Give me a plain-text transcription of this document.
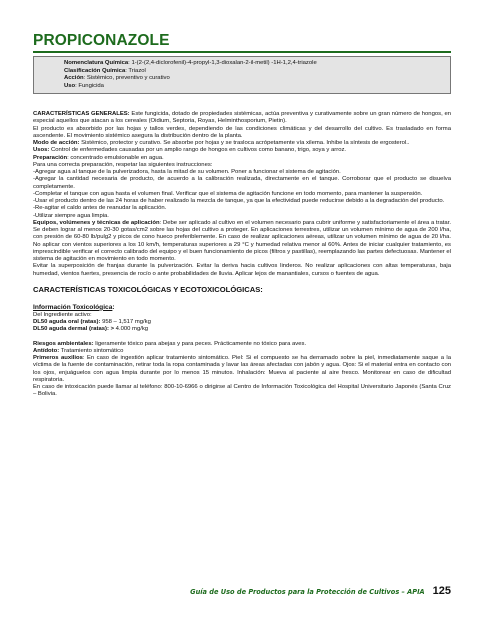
PROPICONAZOLE
Nomenclatura Química: 1-(2-(2,4-diclorofenil)-4-propyl-1,3-dioxalan-2-il-metil) -1H-1,2,4-triazole
Clasificación Química: Triazol
Acción: Sistémico, preventivo y curativo
Uso: Fungicida

CARACTERÍSTICAS GENERALES: Este fungicida, dotado de propiedades sistémicas, actúa preventiva y curativamente sobre un gran número de hongos, en especial aquellos que atacan a los cereales (Oidium, Septoria, Royas, Helminthosporium, Pietin).

El producto es absorbido por las hojas y tallos verdes, dependiendo de las condiciones climáticas y del desarrollo del cultivo. Es trasladado en forma ascendente. El movimiento sistémico asegura la distribución dentro de la planta.

Modo de acción: Sistémico, protector y curativo. Se absorbe por hojas y se trasloca acrópetamente vía xilema. Inhibe la síntesis de ergosterol..

Usos: Control de enfermedades causadas por un amplio rango de hongos en cultivos como banano, trigo, soya y arroz.

Preparación: concentrado emulsionable en agua.

Para una correcta preparación, respetar las siguientes instrucciones:

-Agregar agua al tanque de la pulverizadora, hasta la mitad de su volumen. Poner a funcionar el sistema de agitación.

-Agregar la cantidad necesaria de producto, de acuerdo a la calibración realizada, directamente en el tanque. Corroborar que el producto se disuelva completamente.

-Completar el tanque con agua hasta el volumen final. Verificar que el sistema de agitación funcione en todo momento, para mantener la suspensión.

-Usar el producto dentro de las 24 horas de haber realizado la mezcla de tanque, ya que la efectividad puede reducirse debido a la degradación del producto.

-Re-agitar el caldo antes de reanudar la aplicación.

-Utilizar siempre agua limpia.

Equipos, volúmenes y técnicas de aplicación: Debe ser aplicado al cultivo en el volumen necesario para cubrir uniforme y satisfactoriamente el área a tratar. Se deben lograr al menos 20-30 gotas/cm2 sobre las hojas del cultivo a proteger. En aplicaciones terrestres, utilizar un volumen mínimo de agua de 200 l/ha, con presión de 60-80 lb/pulg2 y picos de cono hueco preferiblemente. En caso de realizar aplicaciones aéreas, utilizar un volumen mínimo de agua de 20 l/ha. No aplicar con vientos superiores a los 10 km/h, temperaturas superiores a 29 °C y humedad relativa menor al 60%. Antes de iniciar cualquier tratamiento, es imprescindible verificar el correcto calibrado del equipo y el buen funcionamiento de picos (filtros y pastillas), reemplazando las partes defectuosas. Mantener el sistema de agitación en movimiento en todo momento.

Evitar la superposición de franjas durante la pulverización. Evitar la deriva hacia cultivos linderos. No realizar aplicaciones con altas temperaturas, baja humedad, vientos fuertes, presencia de rocío o ante probabilidades de lluvia. Aplicar lejos de manantiales, cursos o fuentes de agua.

CARACTERÍSTICAS TOXICOLÓGICAS Y ECOTOXICOLÓGICAS:

Información Toxicológica:

Del Ingrediente activo:

DL50 aguda oral (ratas): 958 – 1,517 mg/kg

DL50 aguda dermal (ratas): > 4.000 mg/kg

Riesgos ambientales: ligeramente tóxico para abejas y para peces. Prácticamente no tóxico para aves.

Antídoto: Tratamiento sintomático

Primeros auxilios: En caso de ingestión aplicar tratamiento sintomático. Piel: Si el compuesto se ha derramado sobre la piel, inmediatamente saque a la víctima de la fuente de contaminación, retirar toda la ropa contaminada y lavar las áreas afectadas con jabón y agua. Ojos: Si el material entra en contacto con los ojos, enjuáguelos con agua limpia durante por lo menos 15 minutos. Inhalación: Mueva al paciente al aire fresco. Monitorear en caso de dificultad respiratoria.

En caso de intoxicación puede llamar al teléfono: 800-10-6966 o dirigirse al Centro de Información Toxicológica del Hospital Universitario Japonés (Santa Cruz – Bolivia.

Guía de Uso de Productos para la Protección de Cultivos – APIA 125
